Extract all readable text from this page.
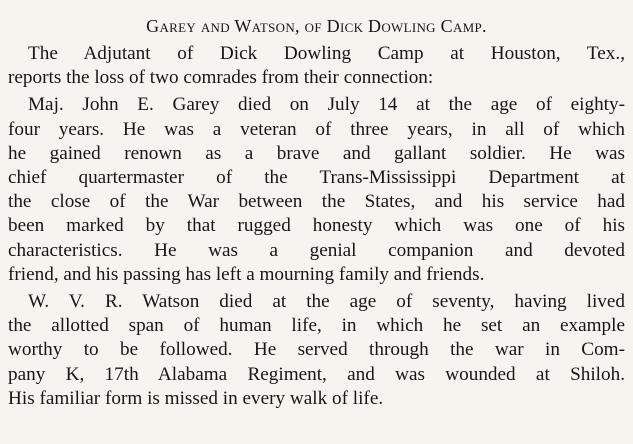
Garey and Watson, of Dick Dowling Camp.
The Adjutant of Dick Dowling Camp at Houston, Tex.,
reports the loss of two comrades from their connection:
Maj. John E. Garey died on July 14 at the age of eighty-
four years. He was a veteran of three years, in all of which
he gained renown as a brave and gallant soldier. He was
chief quartermaster of the Trans-Mississippi Department at
the close of the War between the States, and his service had
been marked by that rugged honesty which was one of his
characteristics. He was a genial companion and devoted
friend, and his passing has left a mourning family and friends.
W. V. R. Watson died at the age of seventy, having lived
the allotted span of human life, in which he set an example
worthy to be followed. He served through the war in Com-
pany K, 17th Alabama Regiment, and was wounded at Shiloh.
His familiar form is missed in every walk of life.
